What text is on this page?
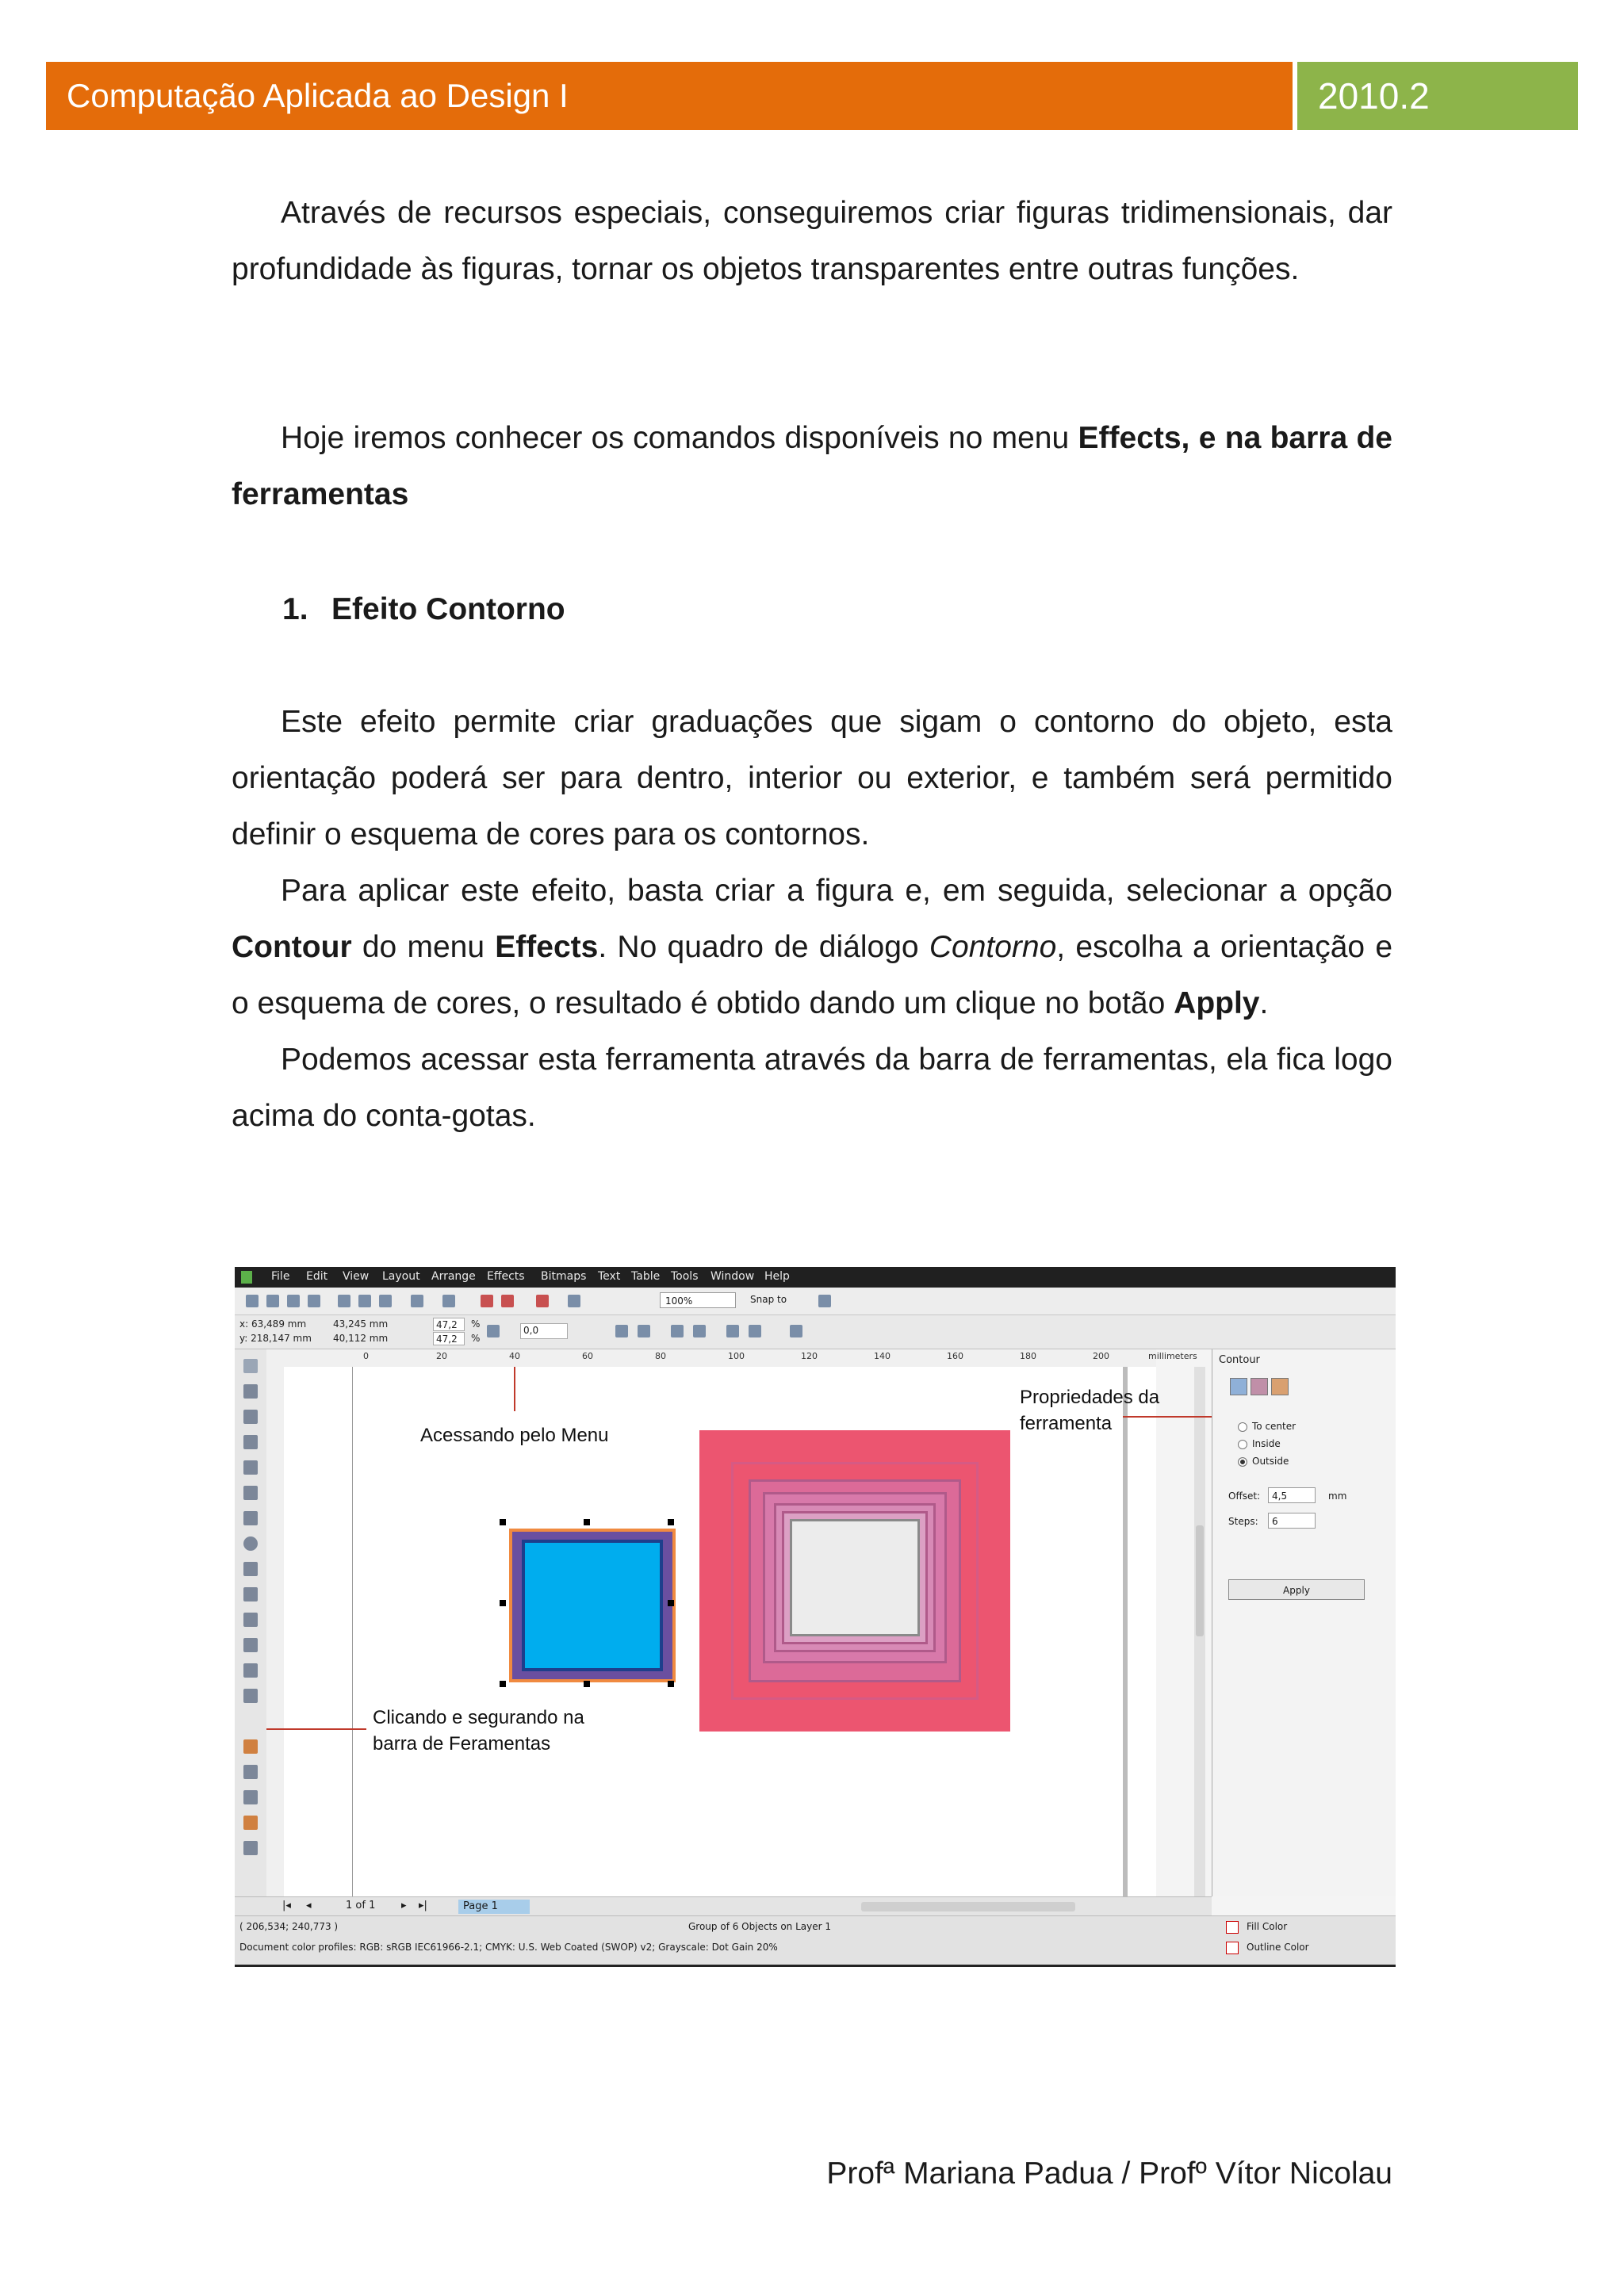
Computação Aplicada ao Design I	2010.2

Através de recursos especiais, conseguiremos criar figuras tridimensionais, dar profundidade às figuras, tornar os objetos transparentes entre outras funções.

Hoje iremos conhecer os comandos disponíveis no menu Effects, e na barra de ferramentas

1. Efeito Contorno

Este efeito permite criar graduações que sigam o contorno do objeto, esta orientação poderá ser para dentro, interior ou exterior, e também será permitido definir o esquema de cores para os contornos.

Para aplicar este efeito, basta criar a figura e, em seguida, selecionar a opção Contour do menu Effects. No quadro de diálogo Contorno, escolha a orientação e o esquema de cores, o resultado é obtido dando um clique no botão Apply.

Podemos acessar esta ferramenta através da barra de ferramentas, ela fica logo acima do conta-gotas.

File Edit View Layout Arrange Effects Bitmaps Text Table Tools Window Help
100%	Snap to
x: 63,489 mm
y: 218,147 mm
43,245 mm
40,112 mm
47,2
47,2
%
%
0,0
0	20	40	60	80	100	120	140	160	180	200	millimeters
Acessando pelo Menu
Propriedades da
ferramenta
Clicando e segurando na
barra de Feramentas
Contour
To center
Inside
Outside
Offset:	4,5	mm
Steps:	6
Apply
|◂ ◂	1 of 1	▸ ▸|	Page 1
( 206,534; 240,773 )	Group of 6 Objects on Layer 1
Document color profiles: RGB: sRGB IEC61966-2.1; CMYK: U.S. Web Coated (SWOP) v2; Grayscale: Dot Gain 20%
Fill Color
Outline Color
Profª Mariana Padua / Profº Vítor Nicolau
